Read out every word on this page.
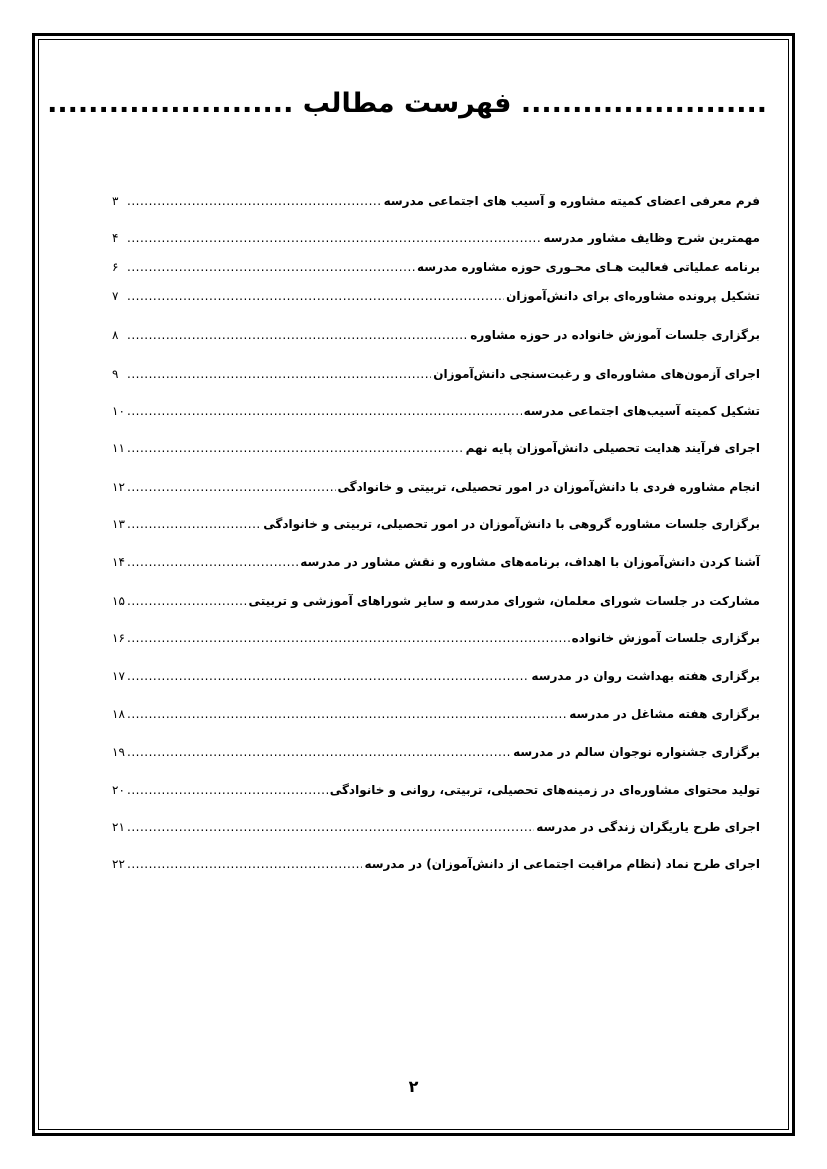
........................ فهرست مطالب ........................
فرم معرفی اعضای کمیته مشاوره و آسیب های اجتماعی مدرسه
.....
۳
مهمترین شرح وظایف مشاور مدرسه
.....
۴
برنامه عملیاتی فعالیت هـای محـوری حوزه مشاوره مدرسه
.....
۶
تشکیل پرونده مشاوره‌ای برای دانش‌آموزان
.....
۷
برگزاری جلسات آموزش خانواده در حوزه مشاوره
.....
۸
اجرای آزمون‌های مشاوره‌ای و رغبت‌سنجی دانش‌آموزان
.....
۹
تشکیل کمیته آسیب‌های اجتماعی مدرسه
.....
۱۰
اجرای فرآیند هدایت تحصیلی دانش‌آموزان پایه نهم
.....
۱۱
انجام مشاوره فردی با دانش‌آموزان در امور تحصیلی، تربیتی و خانوادگی
.....
۱۲
برگزاری جلسات مشاوره گروهی با دانش‌آموزان در امور تحصیلی، تربیتی و خانوادگی
.....
۱۳
آشنا کردن دانش‌آموزان با اهداف، برنامه‌های مشاوره و نقش مشاور در مدرسه
.....
۱۴
مشارکت در جلسات شورای معلمان، شورای مدرسه و سایر شوراهای آموزشی و تربیتی
.....
۱۵
برگزاری جلسات آموزش خانواده
.....
۱۶
برگزاری هفته بهداشت روان در مدرسه
.....
۱۷
برگزاری هفته مشاغل در مدرسه
.....
۱۸
برگزاری جشنواره نوجوان سالم در مدرسه
.....
۱۹
تولید محتوای مشاوره‌ای در زمینه‌های تحصیلی، تربیتی، روانی و خانوادگی
.....
۲۰
اجرای طرح یاریگران زندگی در مدرسه
.....
۲۱
اجرای طرح نماد (نظام مراقبت اجتماعی از دانش‌آموزان) در مدرسه
.....
۲۲
۲
